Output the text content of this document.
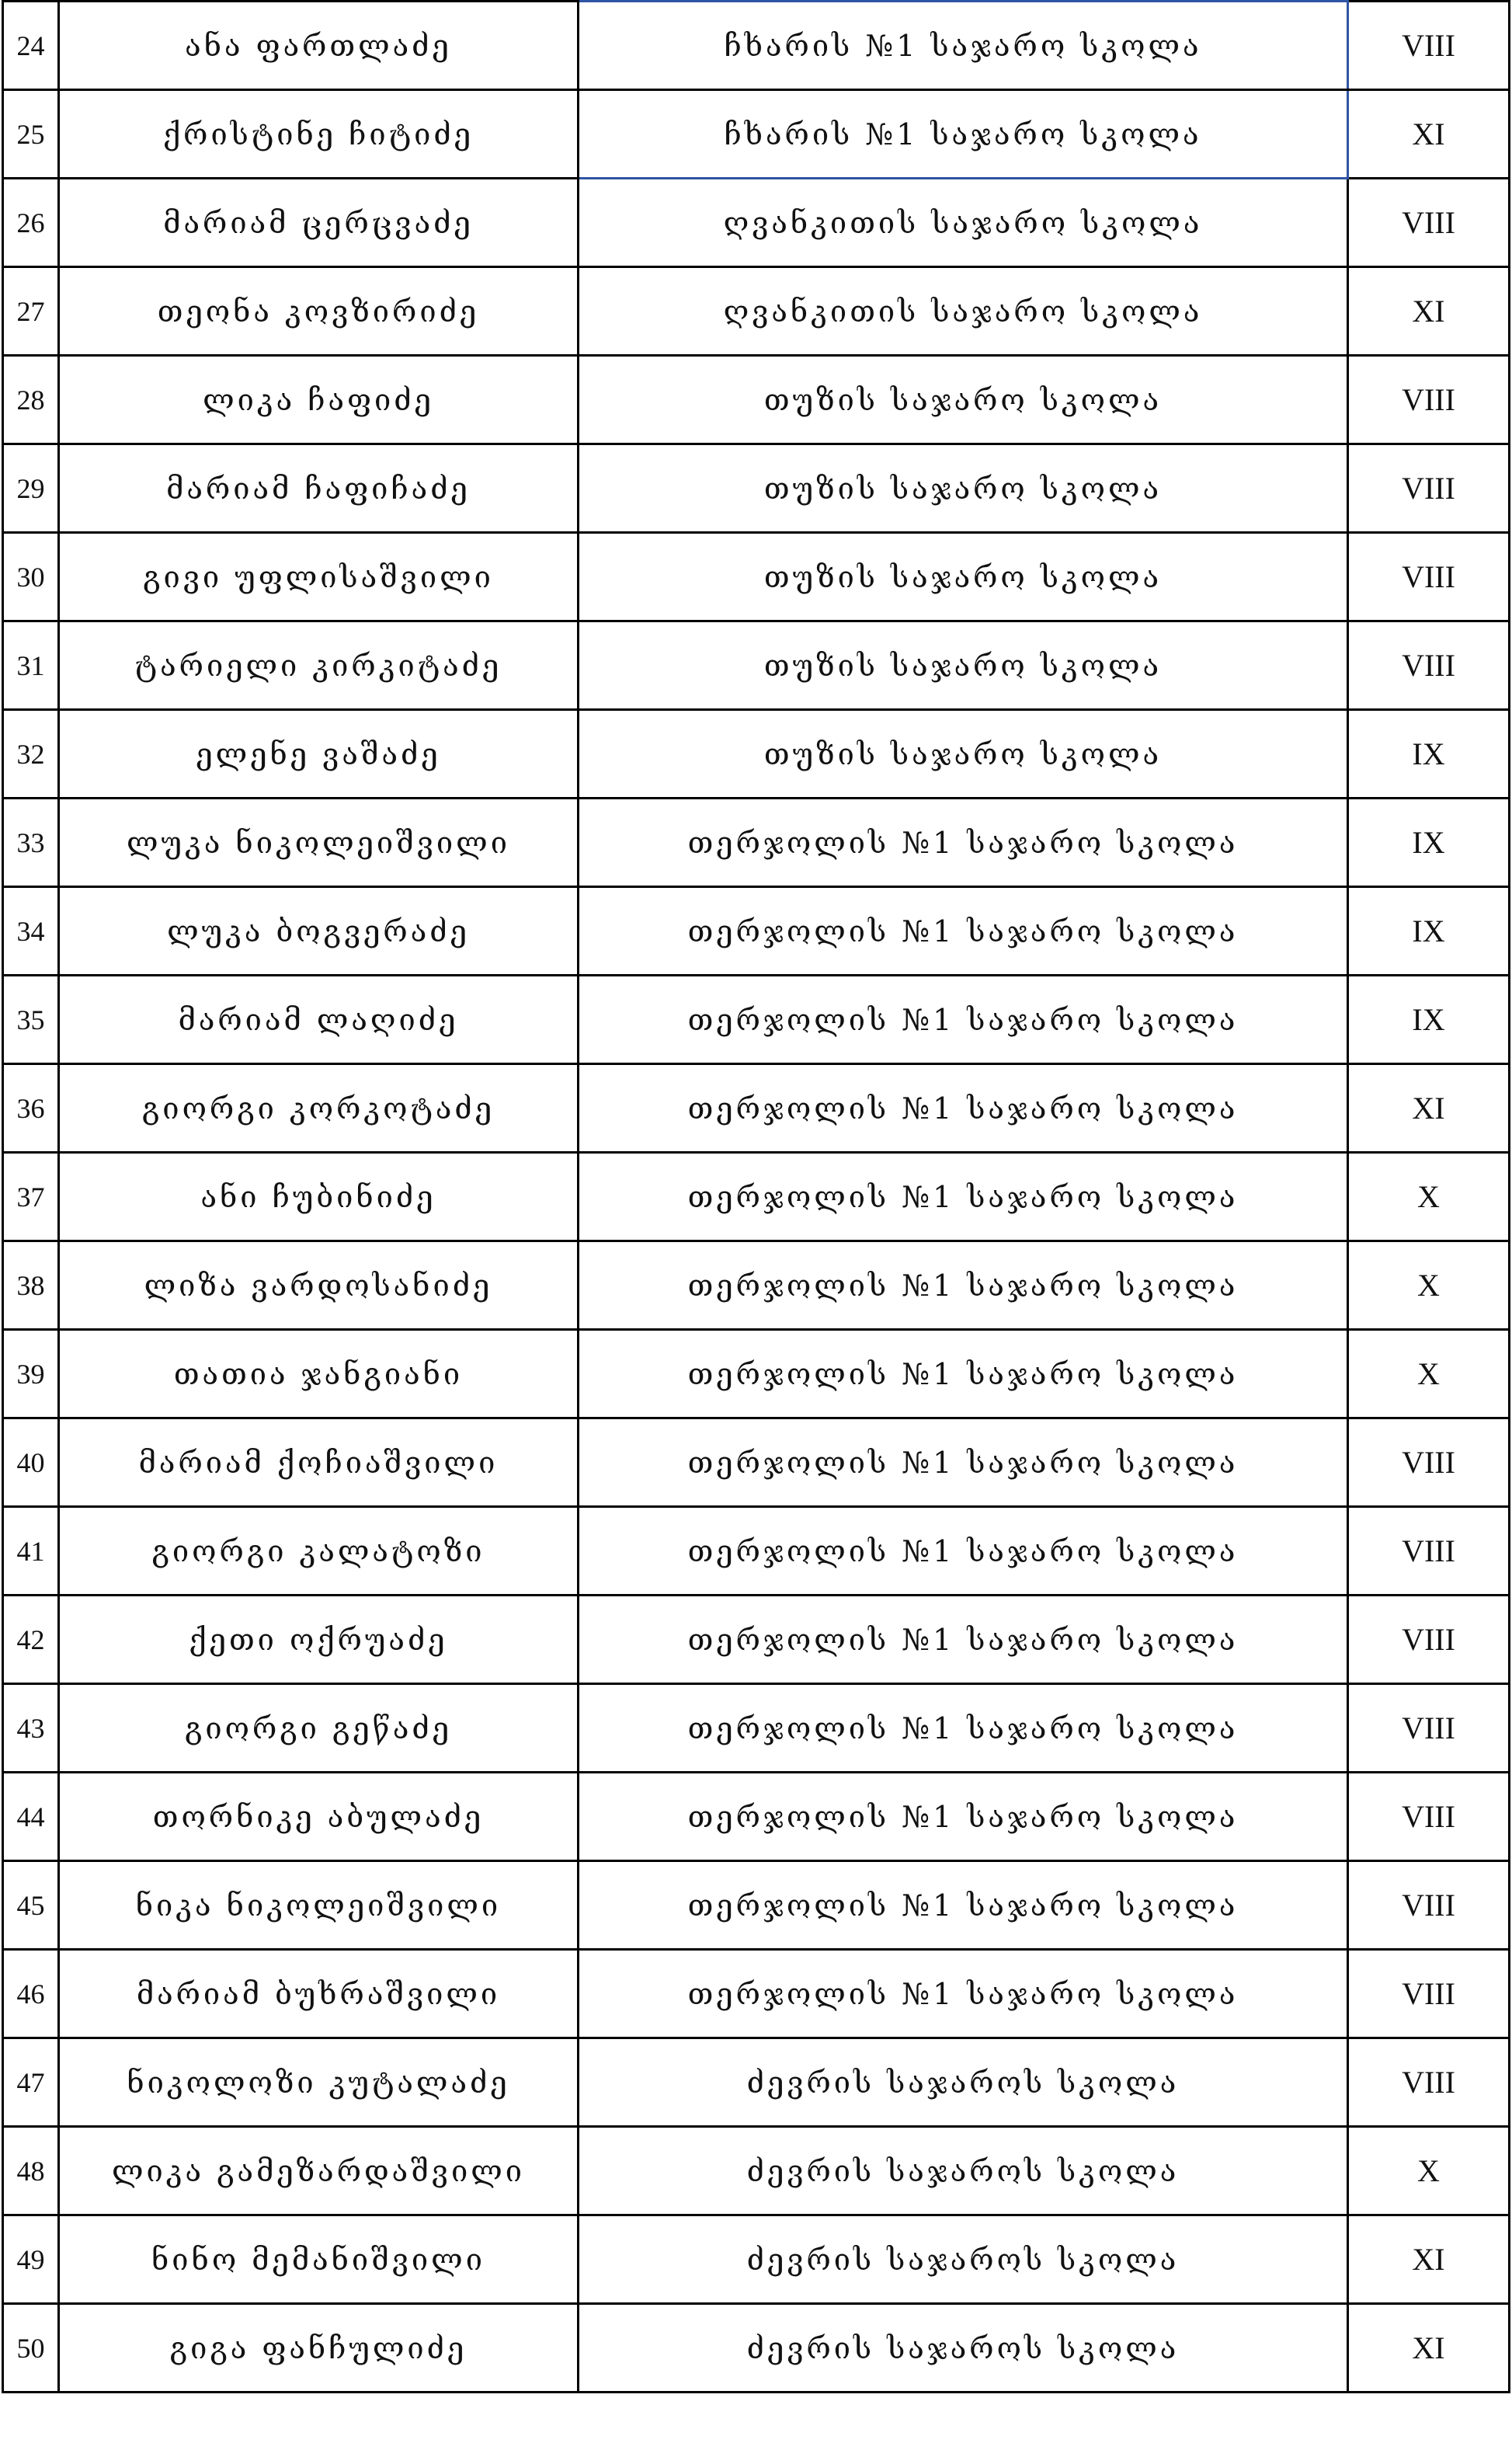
24	ანა ფართლაძე	ჩხარის №1 საჯარო სკოლა	VIII
25	ქრისტინე ჩიტიძე	ჩხარის №1 საჯარო სკოლა	XI
26	მარიამ ცერცვაძე	ღვანკითის საჯარო სკოლა	VIII
27	თეონა კოვზირიძე	ღვანკითის საჯარო სკოლა	XI
28	ლიკა ჩაფიძე	თუზის საჯარო სკოლა	VIII
29	მარიამ ჩაფიჩაძე	თუზის საჯარო სკოლა	VIII
30	გივი უფლისაშვილი	თუზის საჯარო სკოლა	VIII
31	ტარიელი კირკიტაძე	თუზის საჯარო სკოლა	VIII
32	ელენე ვაშაძე	თუზის საჯარო სკოლა	IX
33	ლუკა ნიკოლეიშვილი	თერჯოლის №1 საჯარო სკოლა	IX
34	ლუკა ბოგვერაძე	თერჯოლის №1 საჯარო სკოლა	IX
35	მარიამ ლაღიძე	თერჯოლის №1 საჯარო სკოლა	IX
36	გიორგი კორკოტაძე	თერჯოლის №1 საჯარო სკოლა	XI
37	ანი ჩუბინიძე	თერჯოლის №1 საჯარო სკოლა	X
38	ლიზა ვარდოსანიძე	თერჯოლის №1 საჯარო სკოლა	X
39	თათია ჯანგიანი	თერჯოლის №1 საჯარო სკოლა	X
40	მარიამ ქოჩიაშვილი	თერჯოლის №1 საჯარო სკოლა	VIII
41	გიორგი კალატოზი	თერჯოლის №1 საჯარო სკოლა	VIII
42	ქეთი ოქრუაძე	თერჯოლის №1 საჯარო სკოლა	VIII
43	გიორგი გეწაძე	თერჯოლის №1 საჯარო სკოლა	VIII
44	თორნიკე აბულაძე	თერჯოლის №1 საჯარო სკოლა	VIII
45	ნიკა ნიკოლეიშვილი	თერჯოლის №1 საჯარო სკოლა	VIII
46	მარიამ ბუხრაშვილი	თერჯოლის №1 საჯარო სკოლა	VIII
47	ნიკოლოზი კუტალაძე	ძევრის საჯაროს სკოლა	VIII
48	ლიკა გამეზარდაშვილი	ძევრის საჯაროს სკოლა	X
49	ნინო მემანიშვილი	ძევრის საჯაროს სკოლა	XI
50	გიგა ფანჩულიძე	ძევრის საჯაროს სკოლა	XI
